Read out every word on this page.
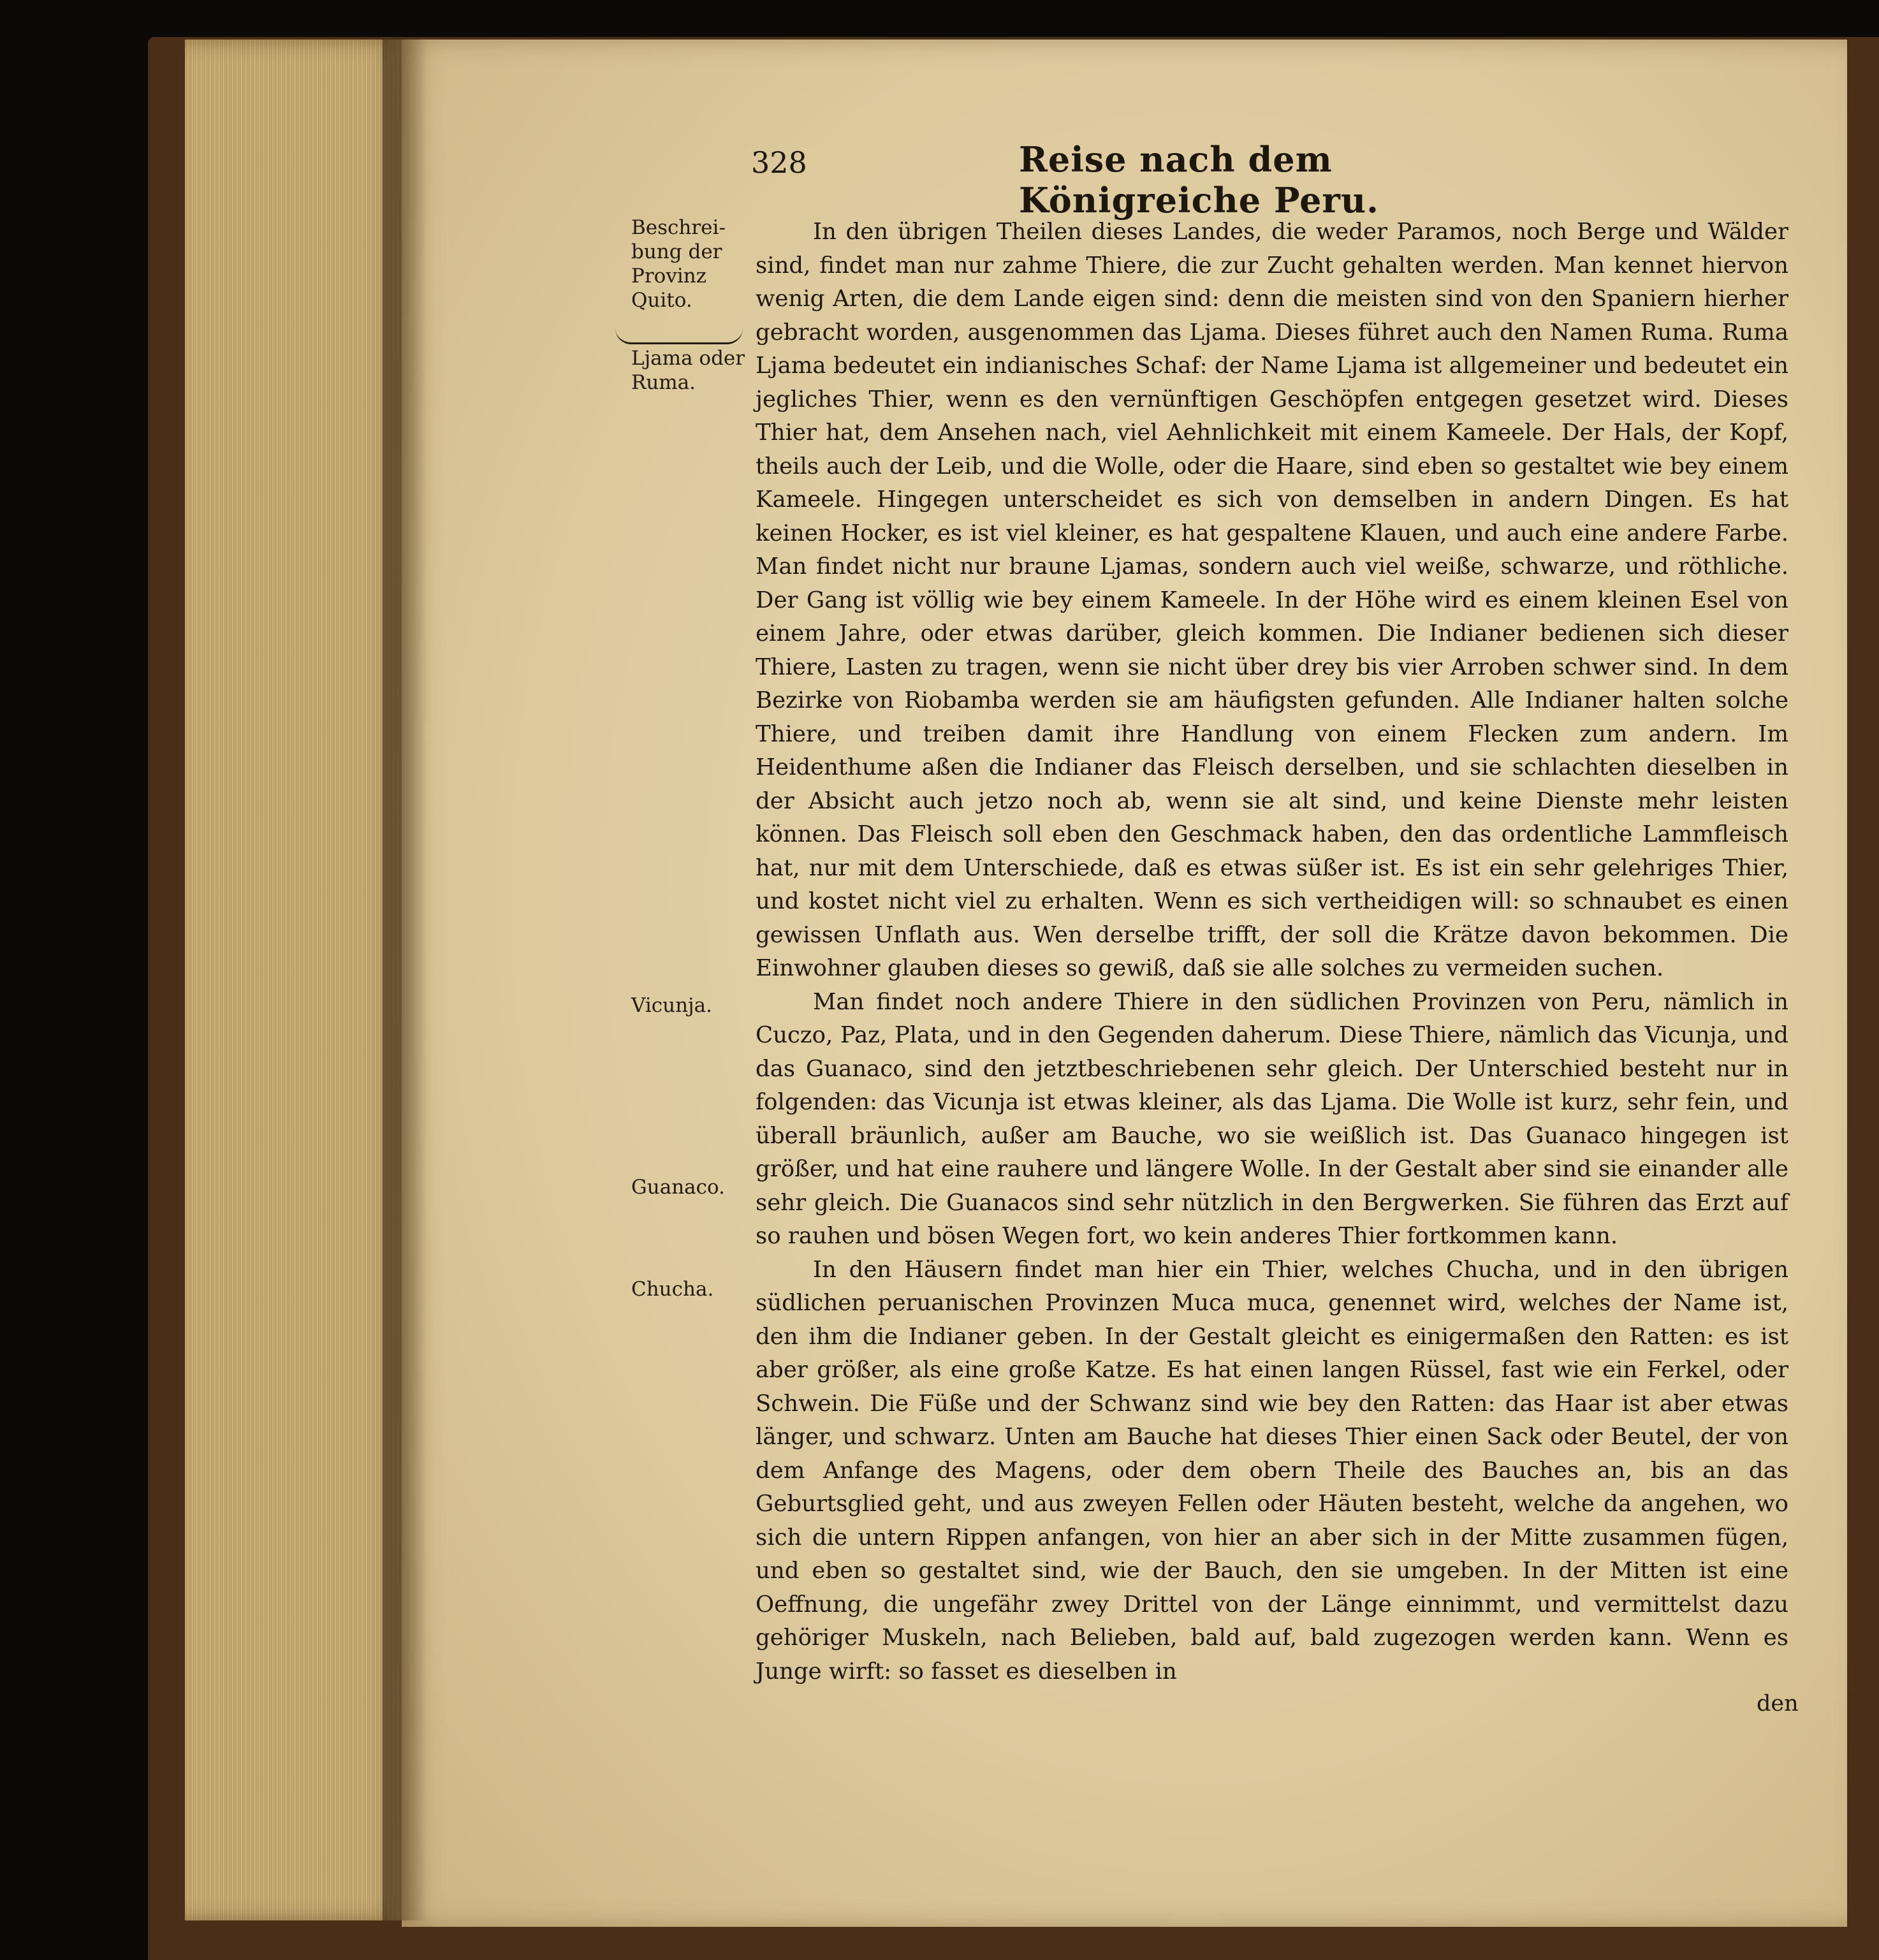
328	Reise nach dem Königreiche Peru.
Beschrei-
bung der
Provinz
Quito.
Ljama oder
Ruma.
Vicunja.
Guanaco.
Chucha.

In den übrigen Theilen dieses Landes, die weder Paramos, noch Berge und Wälder sind, findet man nur zahme Thiere, die zur Zucht gehalten werden. Man kennet hiervon wenig Arten, die dem Lande eigen sind: denn die meisten sind von den Spaniern hierher gebracht worden, ausgenommen das Ljama. Dieses führet auch den Namen Ruma. Ruma Ljama bedeutet ein indianisches Schaf: der Name Ljama ist allgemeiner und bedeutet ein jegliches Thier, wenn es den vernünftigen Geschöpfen entgegen gesetzet wird. Dieses Thier hat, dem Ansehen nach, viel Aehnlichkeit mit einem Kameele. Der Hals, der Kopf, theils auch der Leib, und die Wolle, oder die Haare, sind eben so gestaltet wie bey einem Kameele. Hingegen unterscheidet es sich von demselben in andern Dingen. Es hat keinen Hocker, es ist viel kleiner, es hat gespaltene Klauen, und auch eine andere Farbe. Man findet nicht nur braune Ljamas, sondern auch viel weiße, schwarze, und röthliche. Der Gang ist völlig wie bey einem Kameele. In der Höhe wird es einem kleinen Esel von einem Jahre, oder etwas darüber, gleich kommen. Die Indianer bedienen sich dieser Thiere, Lasten zu tragen, wenn sie nicht über drey bis vier Arroben schwer sind. In dem Bezirke von Riobamba werden sie am häufigsten gefunden. Alle Indianer halten solche Thiere, und treiben damit ihre Handlung von einem Flecken zum andern. Im Heidenthume aßen die Indianer das Fleisch derselben, und sie schlachten dieselben in der Absicht auch jetzo noch ab, wenn sie alt sind, und keine Dienste mehr leisten können. Das Fleisch soll eben den Geschmack haben, den das ordentliche Lammfleisch hat, nur mit dem Unterschiede, daß es etwas süßer ist. Es ist ein sehr gelehriges Thier, und kostet nicht viel zu erhalten. Wenn es sich vertheidigen will: so schnaubet es einen gewissen Unflath aus. Wen derselbe trifft, der soll die Krätze davon bekommen. Die Einwohner glauben dieses so gewiß, daß sie alle solches zu vermeiden suchen.

Man findet noch andere Thiere in den südlichen Provinzen von Peru, nämlich in Cuczo, Paz, Plata, und in den Gegenden daherum. Diese Thiere, nämlich das Vicunja, und das Guanaco, sind den jetztbeschriebenen sehr gleich. Der Unterschied besteht nur in folgenden: das Vicunja ist etwas kleiner, als das Ljama. Die Wolle ist kurz, sehr fein, und überall bräunlich, außer am Bauche, wo sie weißlich ist. Das Guanaco hingegen ist größer, und hat eine rauhere und längere Wolle. In der Gestalt aber sind sie einander alle sehr gleich. Die Guanacos sind sehr nützlich in den Bergwerken. Sie führen das Erzt auf so rauhen und bösen Wegen fort, wo kein anderes Thier fortkommen kann.

In den Häusern findet man hier ein Thier, welches Chucha, und in den übrigen südlichen peruanischen Provinzen Muca muca, genennet wird, welches der Name ist, den ihm die Indianer geben. In der Gestalt gleicht es einigermaßen den Ratten: es ist aber größer, als eine große Katze. Es hat einen langen Rüssel, fast wie ein Ferkel, oder Schwein. Die Füße und der Schwanz sind wie bey den Ratten: das Haar ist aber etwas länger, und schwarz. Unten am Bauche hat dieses Thier einen Sack oder Beutel, der von dem Anfange des Magens, oder dem obern Theile des Bauches an, bis an das Geburtsglied geht, und aus zweyen Fellen oder Häuten besteht, welche da angehen, wo sich die untern Rippen anfangen, von hier an aber sich in der Mitte zusammen fügen, und eben so gestaltet sind, wie der Bauch, den sie umgeben. In der Mitten ist eine Oeffnung, die ungefähr zwey Drittel von der Länge einnimmt, und vermittelst dazu gehöriger Muskeln, nach Belieben, bald auf, bald zugezogen werden kann. Wenn es Junge wirft: so fasset es dieselben in

den
